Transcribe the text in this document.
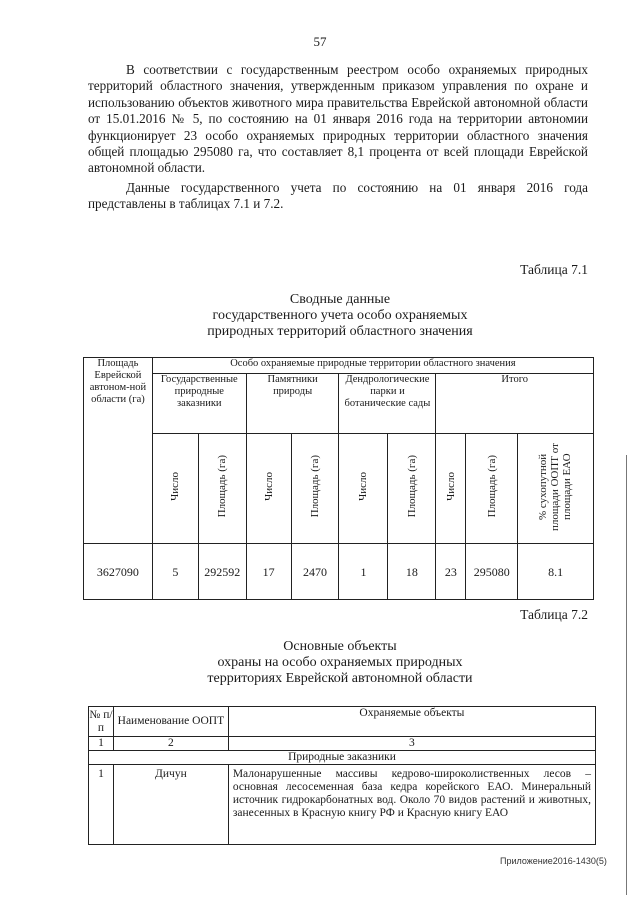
57

В соответствии с государственным реестром особо охраняемых природных территорий областного значения, утвержденным приказом управления по охране и использованию объектов животного мира правительства Еврейской автономной области от 15.01.2016 № 5, по состоянию на 01 января 2016 года на территории автономии функционирует 23 особо охраняемых природных территории областного значения общей площадью 295080 га, что составляет 8,1 процента от всей площади Еврейской автономной области.

Данные государственного учета по состоянию на 01 января 2016 года представлены в таблицах 7.1 и 7.2.

Таблица 7.1
Сводные данные
государственного учета особо охраняемых
природных территорий областного значения
Площадь Еврейской автоном-ной области (га)	Особо охраняемые природные территории областного значения								
	Государственные природные заказники		Памятники природы		Дендрологические парки и ботанические сады		Итого		
	Число	Площадь (га)	Число	Площадь (га)	Число	Площадь (га)	Число	Площадь (га)	% сухопутной площади ООПТ от площади ЕАО
3627090	5	292592	17	2470	1	18	23	295080	8.1
Таблица 7.2
Основные объекты
охраны на особо охраняемых природных
территориях Еврейской автономной области
№ п/п	Наименование ООПТ	Охраняемые объекты
1	2	3
Природные заказники		
1	Дичун	Малонарушенные массивы кедрово-широколиственных лесов – основная лесосеменная база кедра корейского ЕАО. Минеральный источник гидрокарбонатных вод. Около 70 видов растений и животных, занесенных в Красную книгу РФ и Красную книгу ЕАО
Приложение2016-1430(5)
